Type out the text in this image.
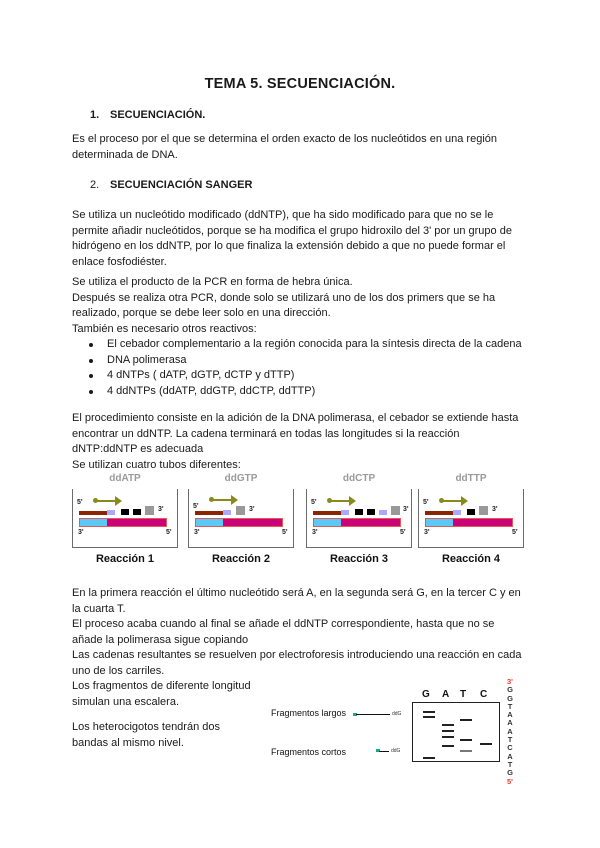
TEMA 5. SECUENCIACIÓN.
1. SECUENCIACIÓN.
Es el proceso por el que se determina el orden exacto de los nucleótidos en una región
determinada de DNA.
2. SECUENCIACIÓN SANGER
Se utiliza un nucleótido modificado (ddNTP), que ha sido modificado para que no se le
permite añadir nucleótidos, porque se ha modifica el grupo hidroxilo del 3' por un grupo de
hidrógeno en los ddNTP, por lo que finaliza la extensión debido a que no puede formar el
enlace fosfodiéster.
Se utiliza el producto de la PCR en forma de hebra única.
Después se realiza otra PCR, donde solo se utilizará uno de los dos primers que se ha
realizado, porque se debe leer solo en una dirección.
También es necesario otros reactivos:
El cebador complementario a la región conocida para la síntesis directa de la cadena
DNA polimerasa
4 dNTPs ( dATP, dGTP, dCTP y dTTP)
4 ddNTPs (ddATP, ddGTP, ddCTP, ddTTP)
El procedimiento consiste en la adición de la DNA polimerasa, el cebador se extiende hasta
encontrar un ddNTP. La cadena terminará en todas las longitudes si la reacción
dNTP:ddNTP es adecuada
Se utilizan cuatro tubos diferentes:
ddATP
5'
3'
3'	5'
Reacción 1
ddGTP
5'	3'
3'	5'
Reacción 2
ddCTP
5'
3'
3'	5'
Reacción 3
ddTTP
5'
3'
3'	5'
Reacción 4
En la primera reacción el último nucleótido será A, en la segunda será G, en la tercer C y en
la cuarta T.
El proceso acaba cuando al final se añade el ddNTP correspondiente, hasta que no se
añade la polimerasa sigue copiando
Las cadenas resultantes se resuelven por electroforesis introduciendo una reacción en cada
uno de los carriles.
Los fragmentos de diferente longitud
simulan una escalera.
Los heterocigotos tendrán dos
bandas al mismo nivel.
Fragmentos largos	ddG
Fragmentos cortos	ddG
G A T C
3'
G
G
T
A
A
A
T
C
A
T
G
5'
